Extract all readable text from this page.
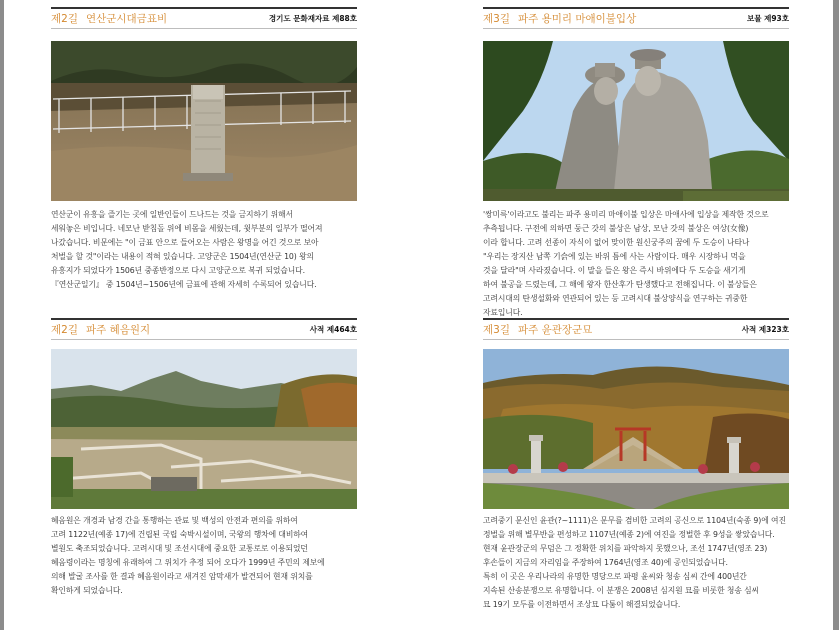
제2길 연산군시대금표비	경기도 문화재자료 제88호

연산군이 유흥을 즐기는 곳에 일반인들이 드나드는 것을 금지하기 위해서

세워놓은 비입니다. 네모난 받침돌 위에 비몸을 세웠는데, 윗부분의 일부가 떨어져

나갔습니다. 비문에는 "이 금표 안으로 들어오는 사람은 왕명을 어긴 것으로 보아

처벌을 할 것"이라는 내용이 적혀 있습니다. 고양군은 1504년(연산군 10) 왕의

유흥지가 되었다가 1506년 중종반정으로 다시 고양군으로 복귀 되었습니다.

『연산군일기』 중 1504년~1506년에 금표에 관해 자세히 수록되어 있습니다.

제3길 파주 용미리 마애이불입상	보물 제93호

'쌍미륵'이라고도 불리는 파주 용미리 마애이불 입상은 마애사에 입상을 제작한 것으로

추측됩니다. 구전에 의하면 둥근 갓의 불상은 남상, 모난 갓의 불상은 여상(女像)

이라 합니다. 고려 선종이 자식이 없어 맞이한 원신궁주의 꿈에 두 도승이 나타나

"우리는 장지산 남쪽 기슭에 있는 바위 틈에 사는 사람이다. 매우 시장하니 먹을

것을 달라"며 사라졌습니다. 이 말을 들은 왕은 즉시 바위에다 두 도승을 새기게

하여 불공을 드렸는데, 그 해에 왕자 한산후가 탄생했다고 전해집니다. 이 불상들은

고려시대의 탄생설화와 연관되어 있는 등 고려시대 불상양식을 연구하는 귀중한

자료입니다.

제2길 파주 혜음원지	사적 제464호

혜음원은 개경과 남경 간을 통행하는 관료 및 백성의 안전과 편의를 위하여

고려 1122년(예종 17)에 건립된 국립 숙박시설이며, 국왕의 행차에 대비하여

별원도 축조되었습니다. 고려시대 및 조선시대에 중요한 교통로로 이용되었던

혜음령이라는 명칭에 유래하여 그 위치가 추정 되어 오다가 1999년 주민의 제보에

의해 발굴 조사를 한 결과 혜음원이라고 새겨진 암막새가 발견되어 현재 위치를

확인하게 되었습니다.

제3길 파주 윤관장군묘	사적 제323호

고려중기 문신인 윤관(?~1111)은 문무를 겸비한 고려의 공신으로 1104년(숙종 9)에 여진

정벌을 위해 별무반을 편성하고 1107년(예종 2)에 여진을 정벌한 후 9성을 쌓았습니다.

현재 윤관장군의 무덤은 그 정확한 위치를 파악하지 못했으나, 조선 1747년(영조 23)

후손들이 지금의 자리임을 주장하여 1764년(영조 40)에 공인되었습니다.

특히 이 곳은 우리나라의 유명한 명당으로 파평 윤씨와 청송 심씨 간에 400년간

지속된 산송분쟁으로 유명합니다. 이 분쟁은 2008년 심지원 묘를 비롯한 청송 심씨

묘 19기 모두를 이전하면서 조상묘 다툼이 해결되었습니다.
